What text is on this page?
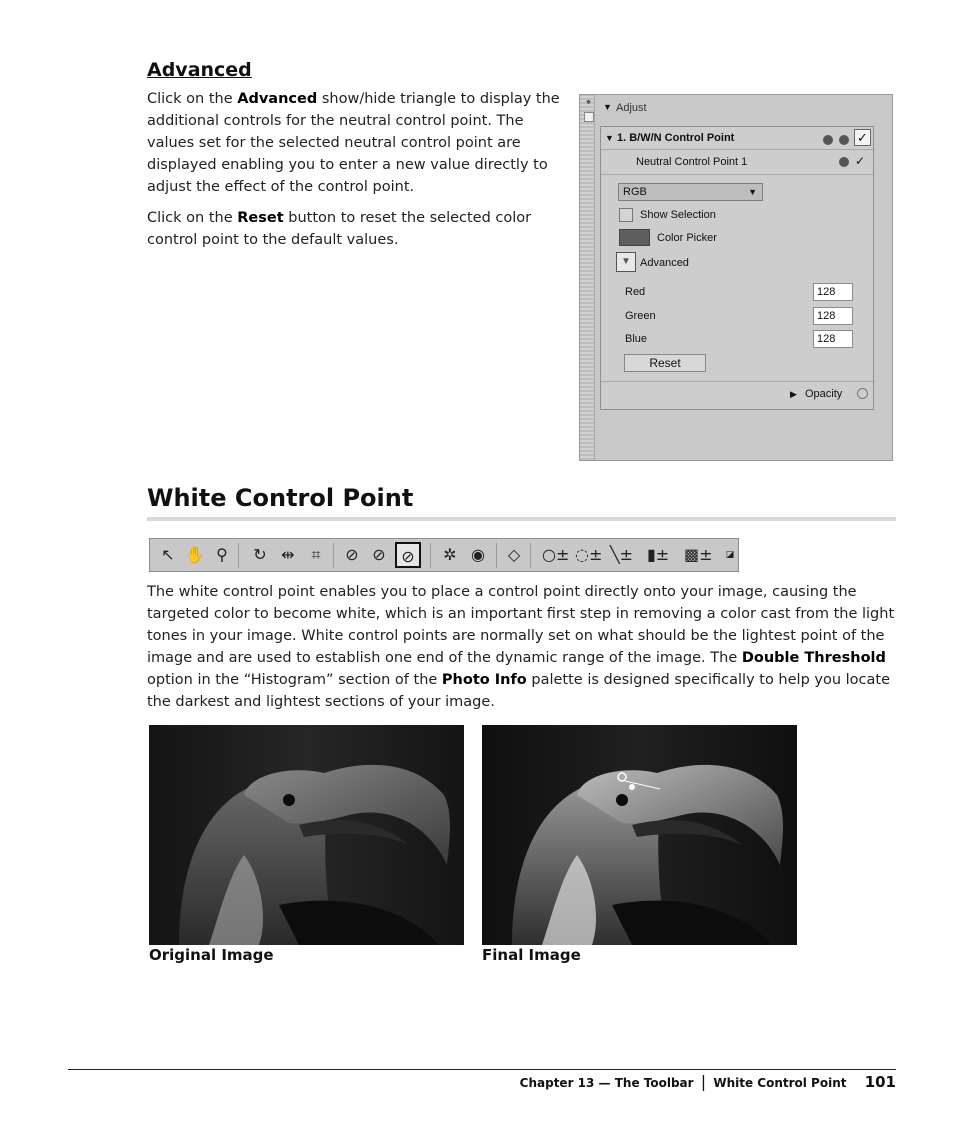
Advanced
Click on the Advanced show/hide triangle to display the additional controls for the neutral control point. The values set for the selected neutral control point are displayed enabling you to enter a new value directly to adjust the effect of the control point.
Click on the Reset button to reset the selected color control point to the default values.
⌖ ▼ Adjust
▼ 1. B/W/N Control Point	✓
Neutral Control Point 1	✓
RGB	▼
Show Selection
Color Picker
▼ Advanced
Red	128
Green	128
Blue	128
Reset
▶ Opacity
White Control Point
↖ ✋ ⚲ ↻ ⇹	⌗	⊘ ⊘ ⊘	✲ ◉ ◇ ○± ◌± ╲± ▮± ▩±	◪
The white control point enables you to place a control point directly onto your image, causing the targeted color to become white, which is an important first step in removing a color cast from the light tones in your image. White control points are normally set on what should be the lightest point of the image and are used to establish one end of the dynamic range of the image. The Double Threshold option in the “Histogram” section of the Photo Info palette is designed specifically to help you locate the darkest and lightest sections of your image.
Original Image	Final Image
Chapter 13 — The Toolbar | White Control Point 101
